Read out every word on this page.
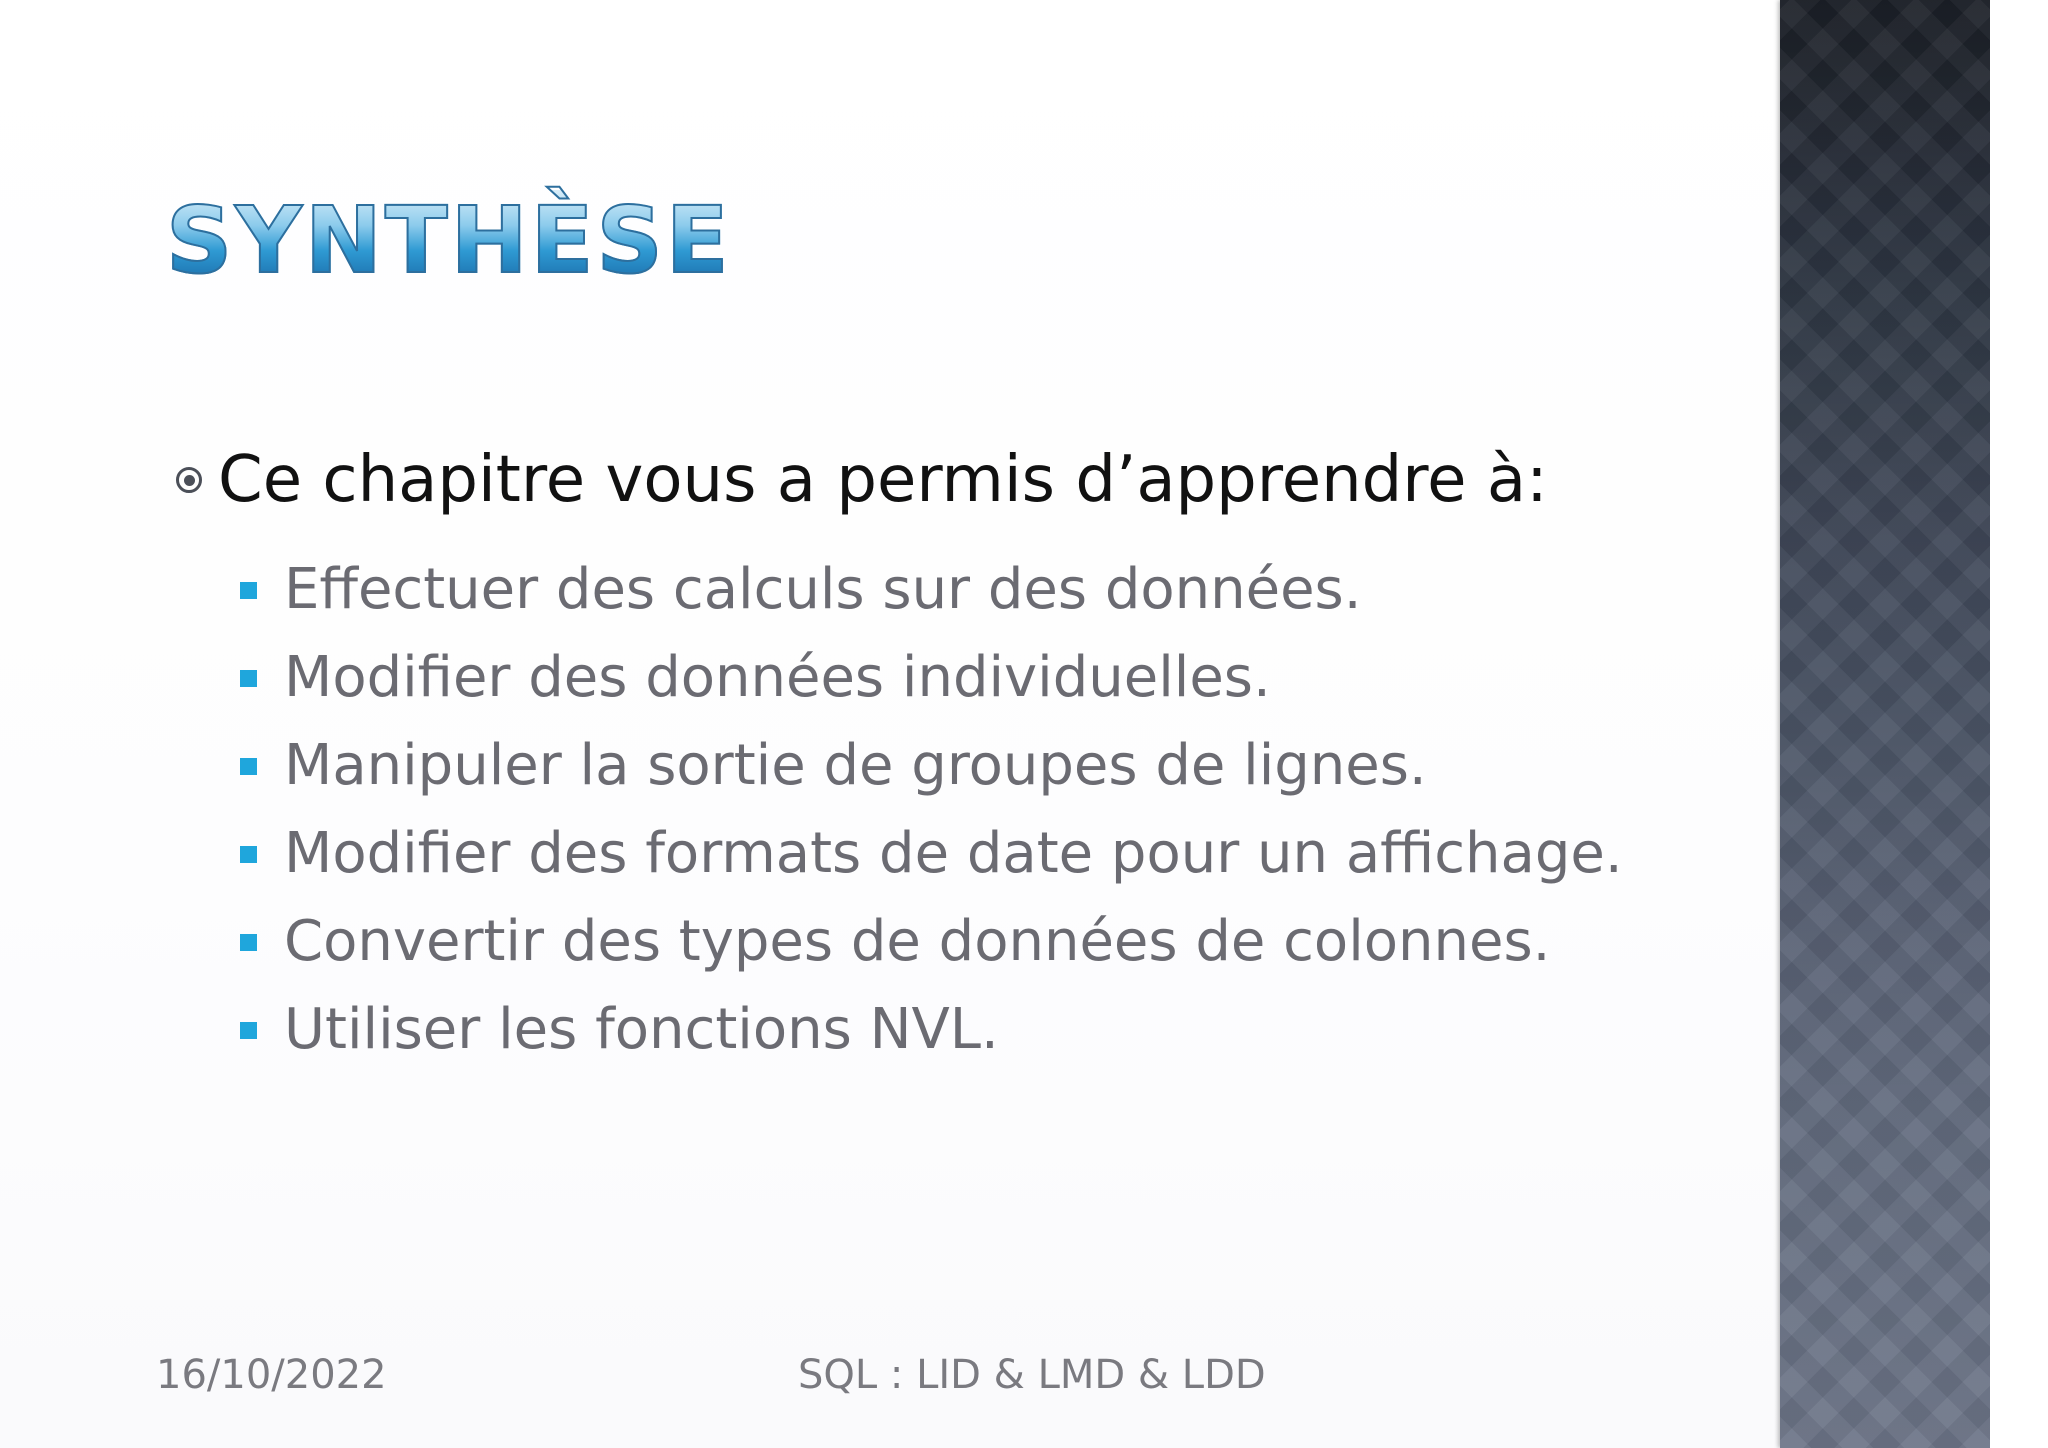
SYNTHÈSE
Ce chapitre vous a permis d’apprendre à:
Effectuer des calculs sur des données.
Modifier des données individuelles.
Manipuler la sortie de groupes de lignes.
Modifier des formats de date pour un affichage.
Convertir des types de données de colonnes.
Utiliser les fonctions NVL.
16/10/2022	SQL : LID & LMD & LDD
